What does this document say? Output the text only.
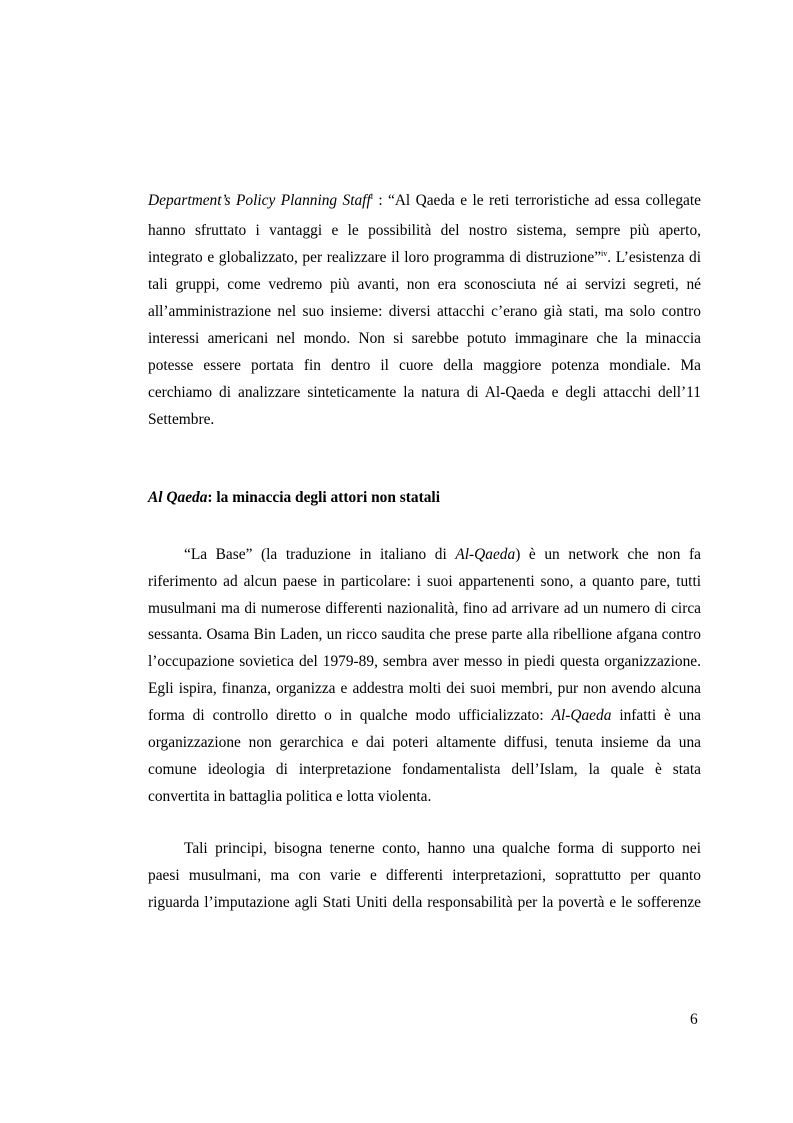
Department’s Policy Planning Staff$^i$ : “Al Qaeda e le reti terroristiche ad essa collegate
hanno sfruttato i vantaggi e le possibilità del nostro sistema, sempre più aperto,
integrato e globalizzato, per realizzare il loro programma di distruzione”$^{iv}$. L’esistenza di
tali gruppi, come vedremo più avanti, non era sconosciuta né ai servizi segreti, né
all’amministrazione nel suo insieme: diversi attacchi c’erano già stati, ma solo contro
interessi americani nel mondo. Non si sarebbe potuto immaginare che la minaccia
potesse essere portata fin dentro il cuore della maggiore potenza mondiale. Ma
cerchiamo di analizzare sinteticamente la natura di Al-Qaeda e degli attacchi dell’11
Settembre.
Al Qaeda: la minaccia degli attori non statali
“La Base” (la traduzione in italiano di Al-Qaeda) è un network che non fa
riferimento ad alcun paese in particolare: i suoi appartenenti sono, a quanto pare, tutti
musulmani ma di numerose differenti nazionalità, fino ad arrivare ad un numero di circa
sessanta. Osama Bin Laden, un ricco saudita che prese parte alla ribellione afgana contro
l’occupazione sovietica del 1979-89, sembra aver messo in piedi questa organizzazione.
Egli ispira, finanza, organizza e addestra molti dei suoi membri, pur non avendo alcuna
forma di controllo diretto o in qualche modo ufficializzato: Al-Qaeda infatti è una
organizzazione non gerarchica e dai poteri altamente diffusi, tenuta insieme da una
comune ideologia di interpretazione fondamentalista dell’Islam, la quale è stata
convertita in battaglia politica e lotta violenta.
Tali principi, bisogna tenerne conto, hanno una qualche forma di supporto nei
paesi musulmani, ma con varie e differenti interpretazioni, soprattutto per quanto
riguarda l’imputazione agli Stati Uniti della responsabilità per la povertà e le sofferenze
6
